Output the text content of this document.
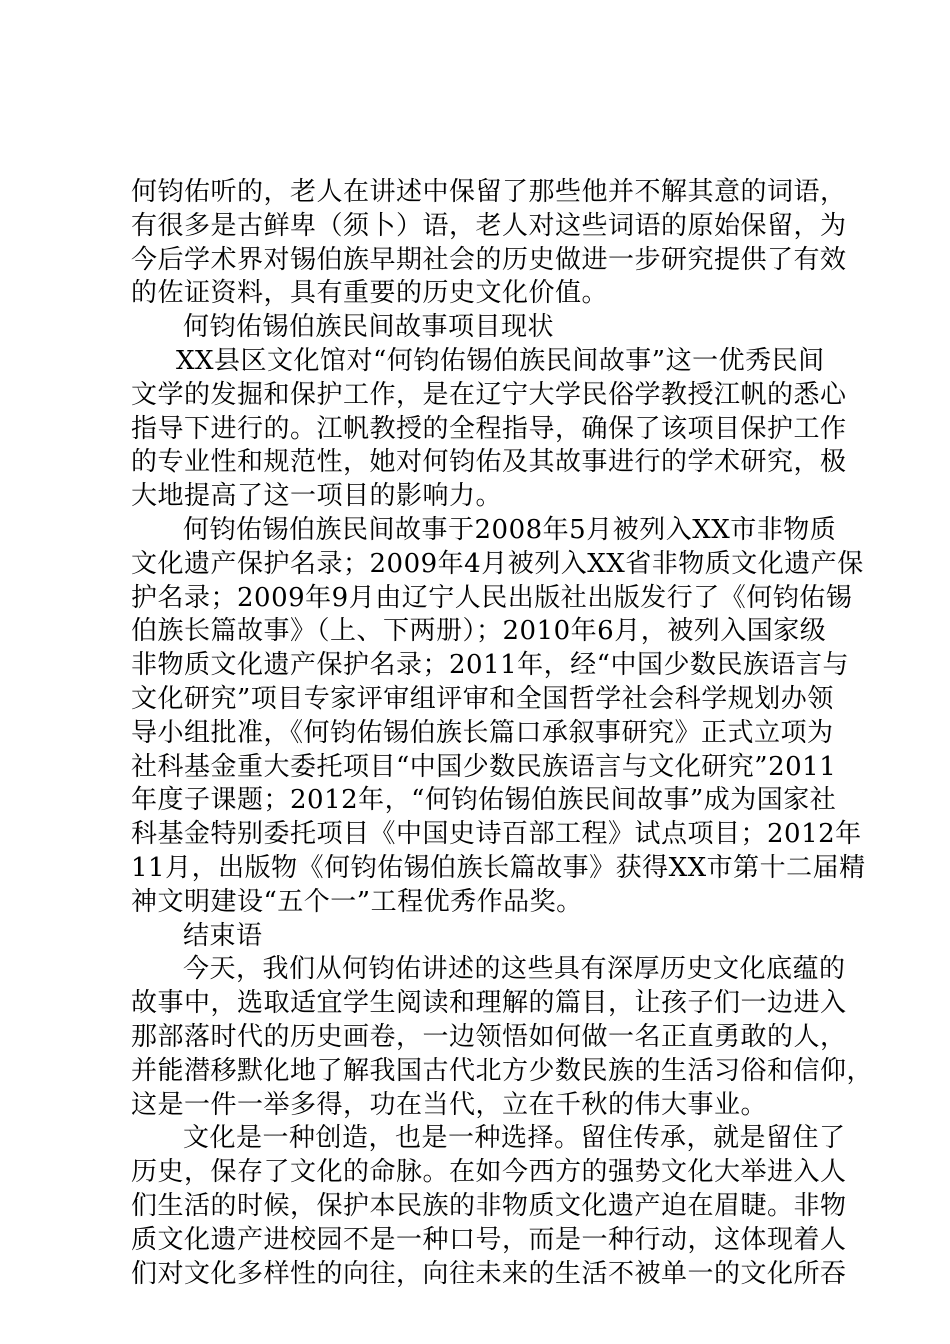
何钧佑听的，老人在讲述中保留了那些他并不解其意的词语，
有很多是古鲜卑（须卜）语，老人对这些词语的原始保留，为
今后学术界对锡伯族早期社会的历史做进一步研究提供了有效
的佐证资料，具有重要的历史文化价值。
何钧佑锡伯族民间故事项目现状
XX县区文化馆对“何钧佑锡伯族民间故事”这一优秀民间
文学的发掘和保护工作，是在辽宁大学民俗学教授江帆的悉心
指导下进行的。江帆教授的全程指导，确保了该项目保护工作
的专业性和规范性，她对何钧佑及其故事进行的学术研究，极
大地提高了这一项目的影响力。
何钧佑锡伯族民间故事于2008年5月被列入XX市非物质
文化遗产保护名录；2009年4月被列入XX省非物质文化遗产保
护名录；2009年9月由辽宁人民出版社出版发行了《何钧佑锡
伯族长篇故事》（上、下两册）；2010年6月，被列入国家级
非物质文化遗产保护名录；2011年，经“中国少数民族语言与
文化研究”项目专家评审组评审和全国哲学社会科学规划办领
导小组批准，《何钧佑锡伯族长篇口承叙事研究》正式立项为
社科基金重大委托项目“中国少数民族语言与文化研究”2011
年度子课题；2012年，“何钧佑锡伯族民间故事”成为国家社
科基金特别委托项目《中国史诗百部工程》试点项目；2012年
11月，出版物《何钧佑锡伯族长篇故事》获得XX市第十二届精
神文明建设“五个一”工程优秀作品奖。
结束语
今天，我们从何钧佑讲述的这些具有深厚历史文化底蕴的
故事中，选取适宜学生阅读和理解的篇目，让孩子们一边进入
那部落时代的历史画卷，一边领悟如何做一名正直勇敢的人，
并能潜移默化地了解我国古代北方少数民族的生活习俗和信仰，
这是一件一举多得，功在当代，立在千秋的伟大事业。
文化是一种创造，也是一种选择。留住传承，就是留住了
历史，保存了文化的命脉。在如今西方的强势文化大举进入人
们生活的时候，保护本民族的非物质文化遗产迫在眉睫。非物
质文化遗产进校园不是一种口号，而是一种行动，这体现着人
们对文化多样性的向往，向往未来的生活不被单一的文化所吞
